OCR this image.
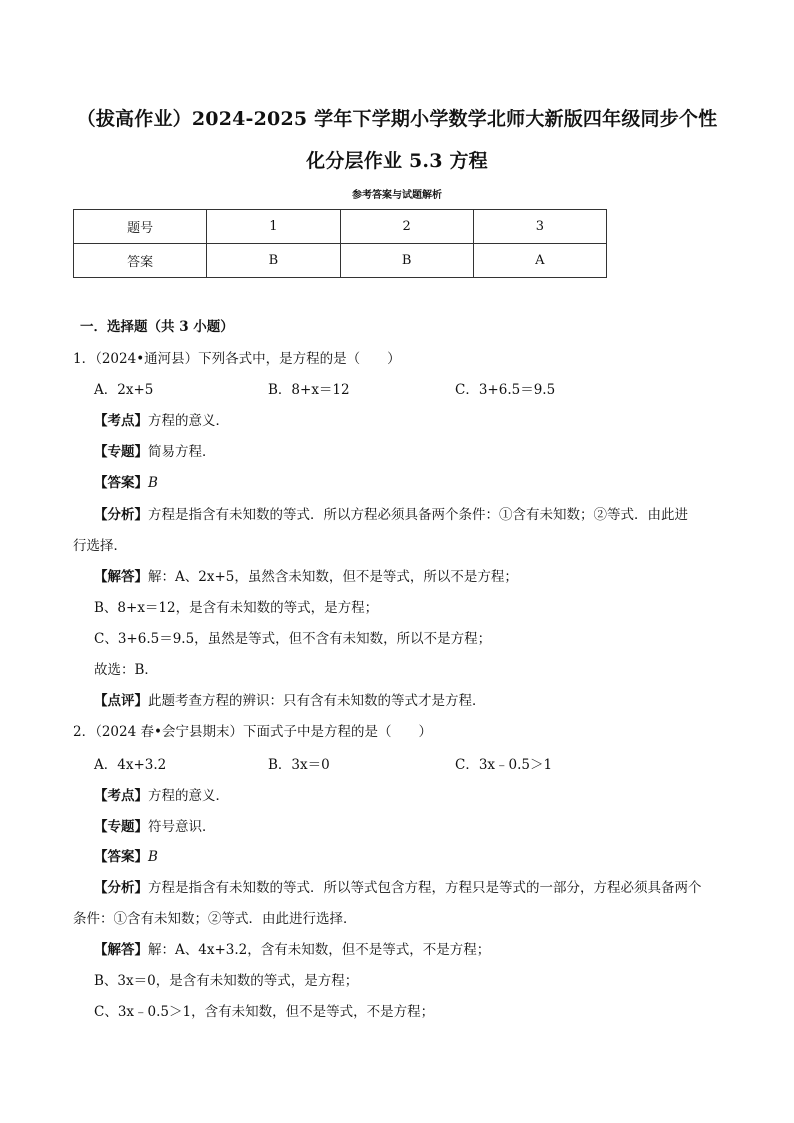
（拔高作业）2024-2025 学年下学期小学数学北师大新版四年级同步个性
化分层作业 5.3 方程
参考答案与试题解析
题号	1	2	3
答案	B	B	A
一．选择题（共 3 小题）
1．（2024•通河县）下列各式中，是方程的是（　　）
A．2x+5	B．8+x＝12	C．3+6.5＝9.5
【考点】方程的意义．
【专题】简易方程．
【答案】B
【分析】方程是指含有未知数的等式．所以方程必须具备两个条件：①含有未知数；②等式．由此进
行选择．
【解答】解：A、2x+5，虽然含未知数，但不是等式，所以不是方程；
B、8+x＝12，是含有未知数的等式，是方程；
C、3+6.5＝9.5，虽然是等式，但不含有未知数，所以不是方程；
故选：B．
【点评】此题考查方程的辨识：只有含有未知数的等式才是方程．
2．（2024 春•会宁县期末）下面式子中是方程的是（　　）
A．4x+3.2	B．3x＝0	C．3x﹣0.5＞1
【考点】方程的意义．
【专题】符号意识．
【答案】B
【分析】方程是指含有未知数的等式．所以等式包含方程，方程只是等式的一部分，方程必须具备两个
条件：①含有未知数；②等式．由此进行选择．
【解答】解：A、4x+3.2，含有未知数，但不是等式，不是方程；
B、3x＝0，是含有未知数的等式，是方程；
C、3x﹣0.5＞1，含有未知数，但不是等式，不是方程；
